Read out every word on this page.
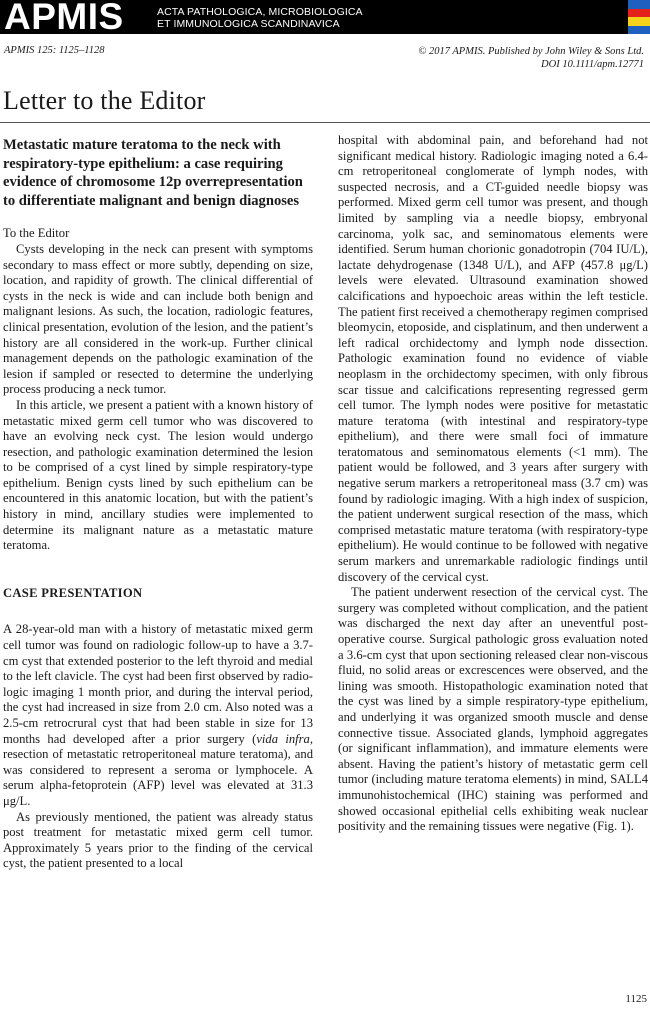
APMIS	ACTA PATHOLOGICA, MICROBIOLOGICA
ET IMMUNOLOGICA SCANDINAVICA
APMIS 125: 1125–1128	© 2017 APMIS. Published by John Wiley & Sons Ltd.
DOI 10.1111/apm.12771
Letter to the Editor
Metastatic mature teratoma to the neck with respiratory-type epithelium: a case requiring evidence of chromosome 12p overrepresentation to differentiate malignant and benign diagnoses
To the Editor
Cysts developing in the neck can present with symptoms secondary to mass effect or more subtly, depending on size, location, and rapidity of growth. The clinical differential of cysts in the neck is wide and can include both benign and malignant lesions. As such, the location, radiologic features, clinical presentation, evolution of the lesion, and the patient’s history are all considered in the work-up. Further clinical management depends on the pathologic examination of the lesion if sampled or resected to determine the underlying process producing a neck tumor.
In this article, we present a patient with a known history of metastatic mixed germ cell tumor who was discovered to have an evolving neck cyst. The lesion would undergo resection, and pathologic examination determined the lesion to be comprised of a cyst lined by simple respiratory-type epithelium. Benign cysts lined by such epithelium can be encountered in this anatomic location, but with the patient’s history in mind, ancillary studies were implemented to determine its malignant nature as a metastatic mature teratoma.
CASE PRESENTATION
A 28-year-old man with a history of metastatic mixed germ cell tumor was found on radiologic follow-up to have a 3.7-cm cyst that extended posterior to the left thyroid and medial to the left clavicle. The cyst had been first observed by radiologic imaging 1 month prior, and during the interval period, the cyst had increased in size from 2.0 cm. Also noted was a 2.5-cm retrocrural cyst that had been stable in size for 13 months had developed after a prior surgery (vida infra, resection of metastatic retroperitoneal mature teratoma), and was considered to represent a seroma or lymphocele. A serum alpha-fetoprotein (AFP) level was elevated at 31.3 μg/L.
As previously mentioned, the patient was already status post treatment for metastatic mixed germ cell tumor. Approximately 5 years prior to the finding of the cervical cyst, the patient presented to a local
hospital with abdominal pain, and beforehand had not significant medical history. Radiologic imaging noted a 6.4-cm retroperitoneal conglomerate of lymph nodes, with suspected necrosis, and a CT-guided needle biopsy was performed. Mixed germ cell tumor was present, and though limited by sampling via a needle biopsy, embryonal carcinoma, yolk sac, and seminomatous elements were identified. Serum human chorionic gonadotropin (704 IU/L), lactate dehydrogenase (1348 U/L), and AFP (457.8 μg/L) levels were elevated. Ultrasound examination showed calcifications and hypoechoic areas within the left testicle. The patient first received a chemotherapy regimen comprised bleomycin, etoposide, and cisplatinum, and then underwent a left radical orchidectomy and lymph node dissection. Pathologic examination found no evidence of viable neoplasm in the orchidectomy specimen, with only fibrous scar tissue and calcifications representing regressed germ cell tumor. The lymph nodes were positive for metastatic mature teratoma (with intestinal and respiratory-type epithelium), and there were small foci of immature teratomatous and seminomatous elements (<1 mm). The patient would be followed, and 3 years after surgery with negative serum markers a retroperitoneal mass (3.7 cm) was found by radiologic imaging. With a high index of suspicion, the patient underwent surgical resection of the mass, which comprised metastatic mature teratoma (with respiratory-type epithelium). He would continue to be followed with negative serum markers and unremarkable radiologic findings until discovery of the cervical cyst.
The patient underwent resection of the cervical cyst. The surgery was completed without complication, and the patient was discharged the next day after an uneventful post-operative course. Surgical pathologic gross evaluation noted a 3.6-cm cyst that upon sectioning released clear non-viscous fluid, no solid areas or excrescences were observed, and the lining was smooth. Histopathologic examination noted that the cyst was lined by a simple respiratory-type epithelium, and underlying it was organized smooth muscle and dense connective tissue. Associated glands, lymphoid aggregates (or significant inflammation), and immature elements were absent. Having the patient’s history of metastatic germ cell tumor (including mature teratoma elements) in mind, SALL4 immunohistochemical (IHC) staining was performed and showed occasional epithelial cells exhibiting weak nuclear positivity and the remaining tissues were negative (Fig. 1).
1125
